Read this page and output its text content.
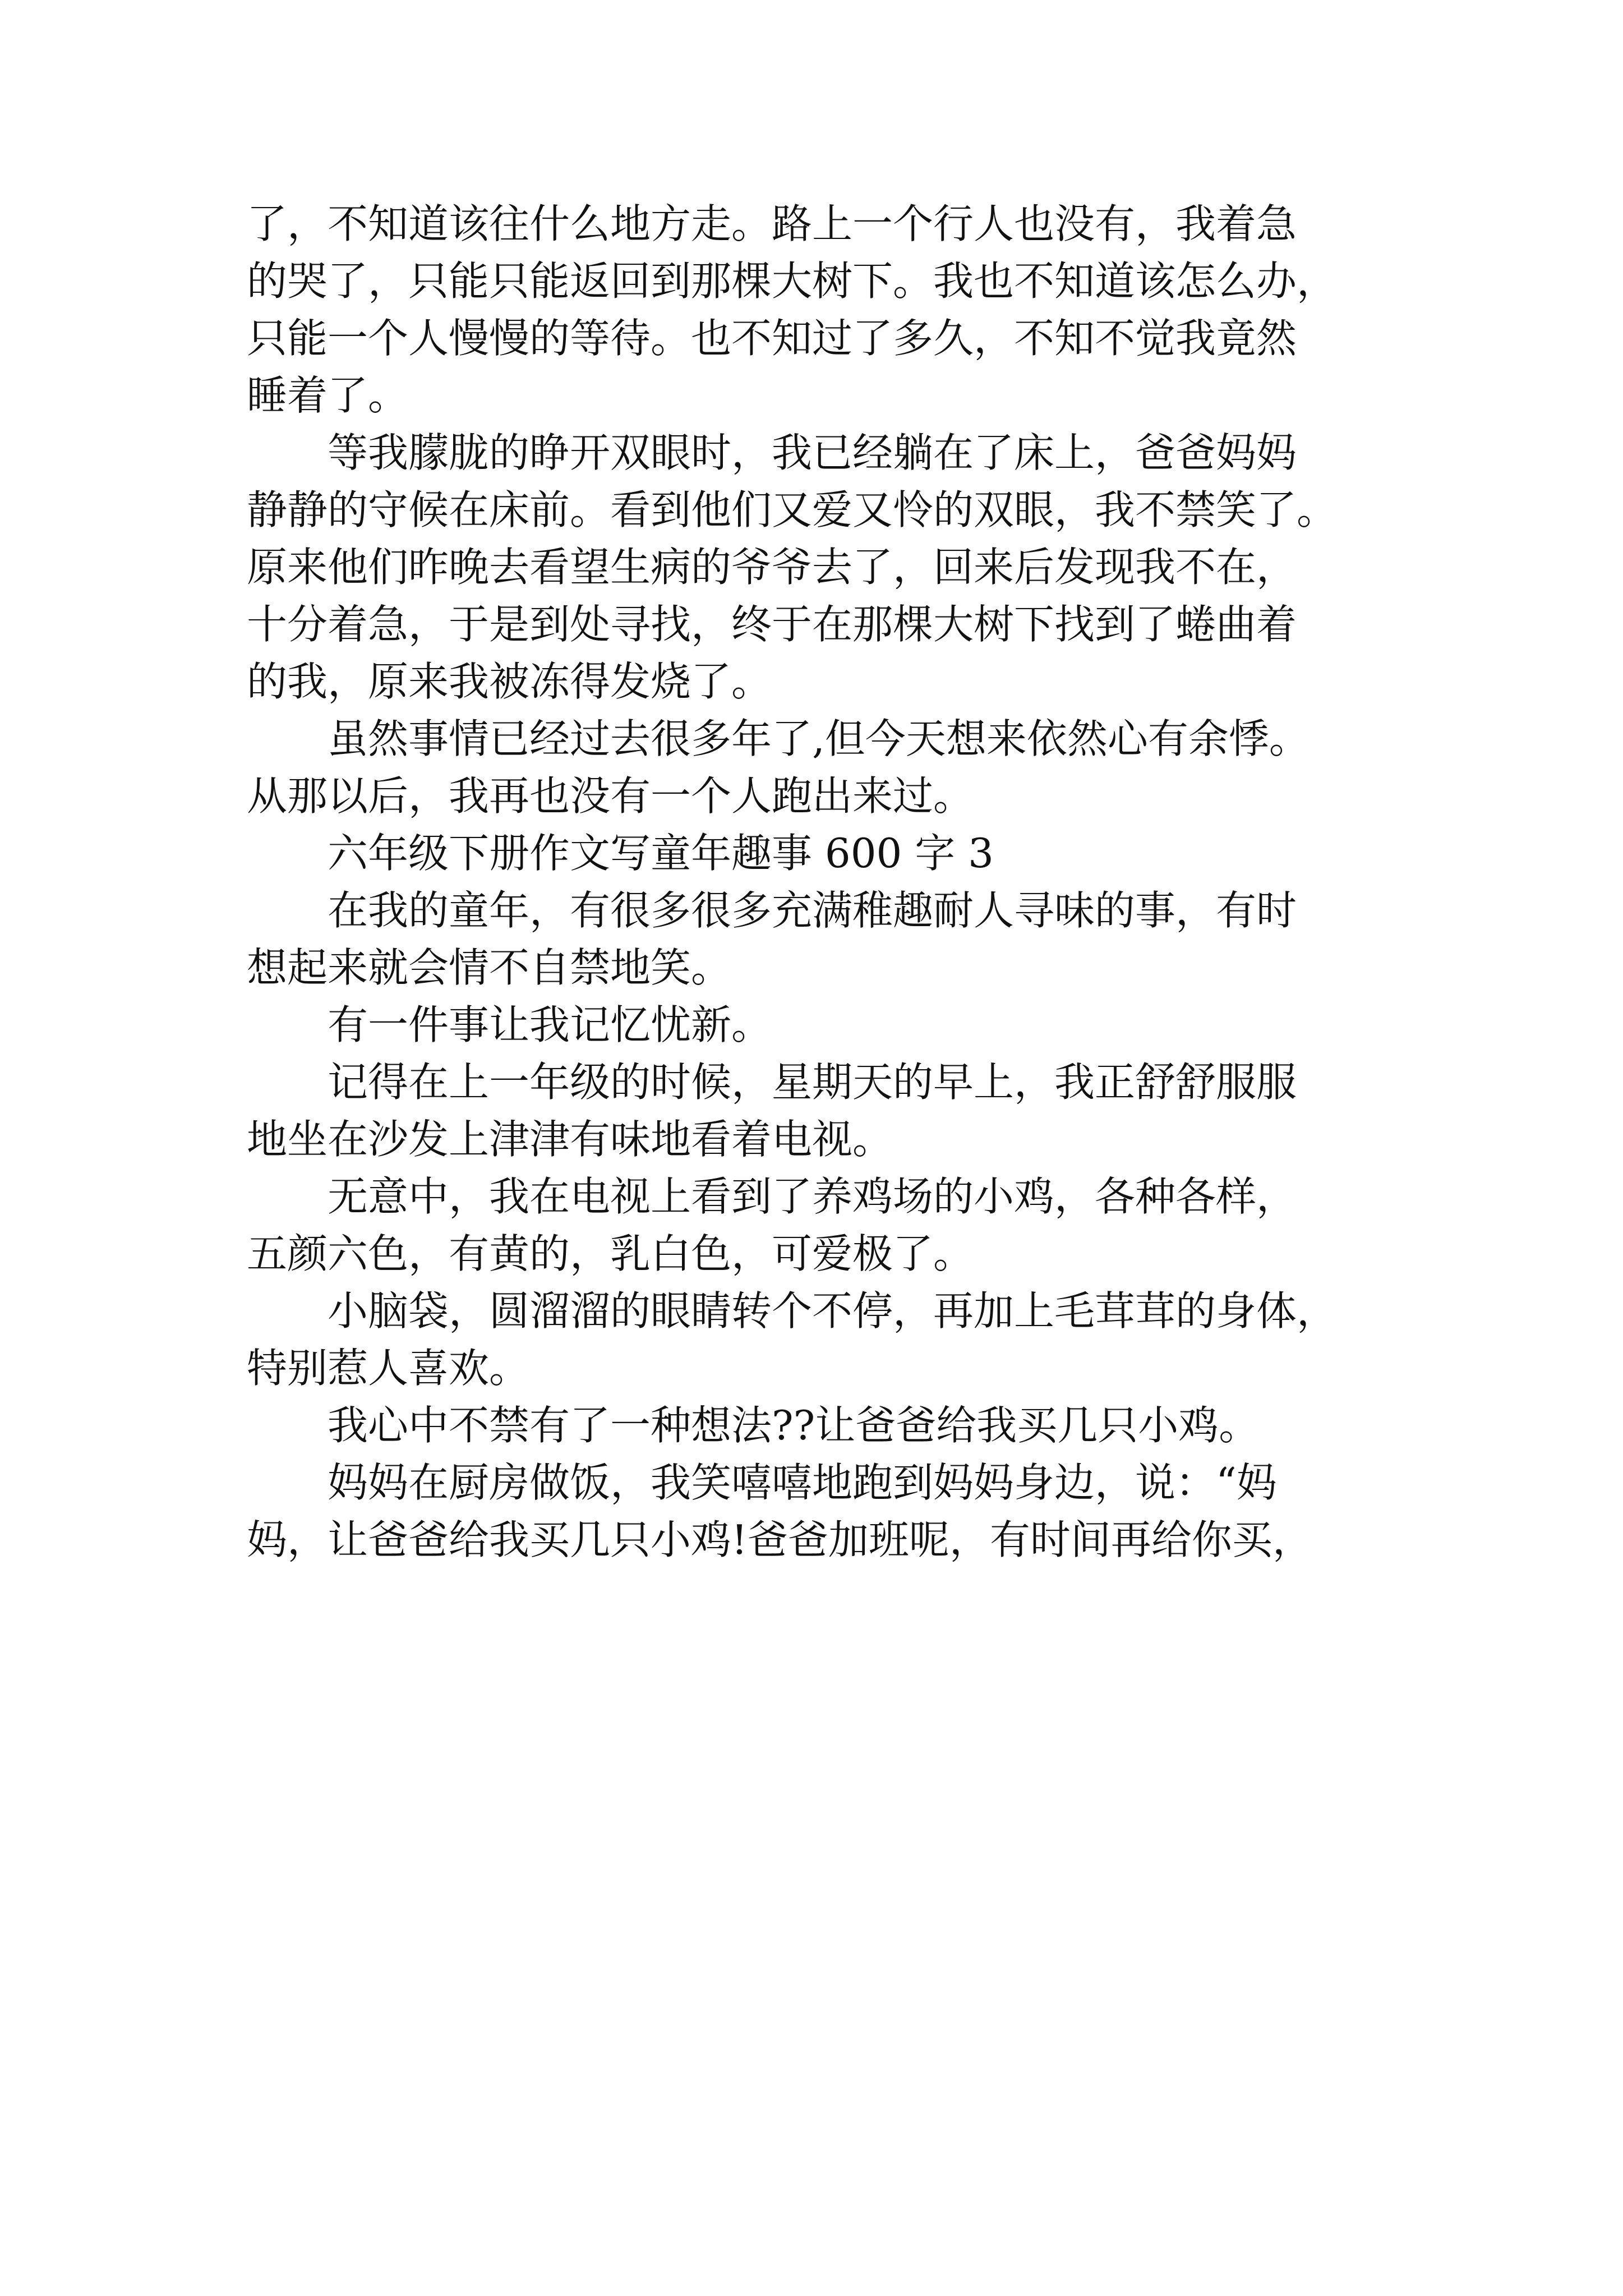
了，不知道该往什么地方走。路上一个行人也没有，我着急
的哭了，只能只能返回到那棵大树下。我也不知道该怎么办，
只能一个人慢慢的等待。也不知过了多久，不知不觉我竟然
睡着了。
等我朦胧的睁开双眼时，我已经躺在了床上，爸爸妈妈
静静的守候在床前。看到他们又爱又怜的双眼，我不禁笑了。
原来他们昨晚去看望生病的爷爷去了，回来后发现我不在，
十分着急，于是到处寻找，终于在那棵大树下找到了蜷曲着
的我，原来我被冻得发烧了。
虽然事情已经过去很多年了,但今天想来依然心有余悸。
从那以后，我再也没有一个人跑出来过。
六年级下册作文写童年趣事 600 字 3
在我的童年，有很多很多充满稚趣耐人寻味的事，有时
想起来就会情不自禁地笑。
有一件事让我记忆忧新。
记得在上一年级的时候，星期天的早上，我正舒舒服服
地坐在沙发上津津有味地看着电视。
无意中，我在电视上看到了养鸡场的小鸡，各种各样，
五颜六色，有黄的，乳白色，可爱极了。
小脑袋，圆溜溜的眼睛转个不停，再加上毛茸茸的身体，
特别惹人喜欢。
我心中不禁有了一种想法??让爸爸给我买几只小鸡。
妈妈在厨房做饭，我笑嘻嘻地跑到妈妈身边，说：“妈
妈，让爸爸给我买几只小鸡!爸爸加班呢，有时间再给你买，
